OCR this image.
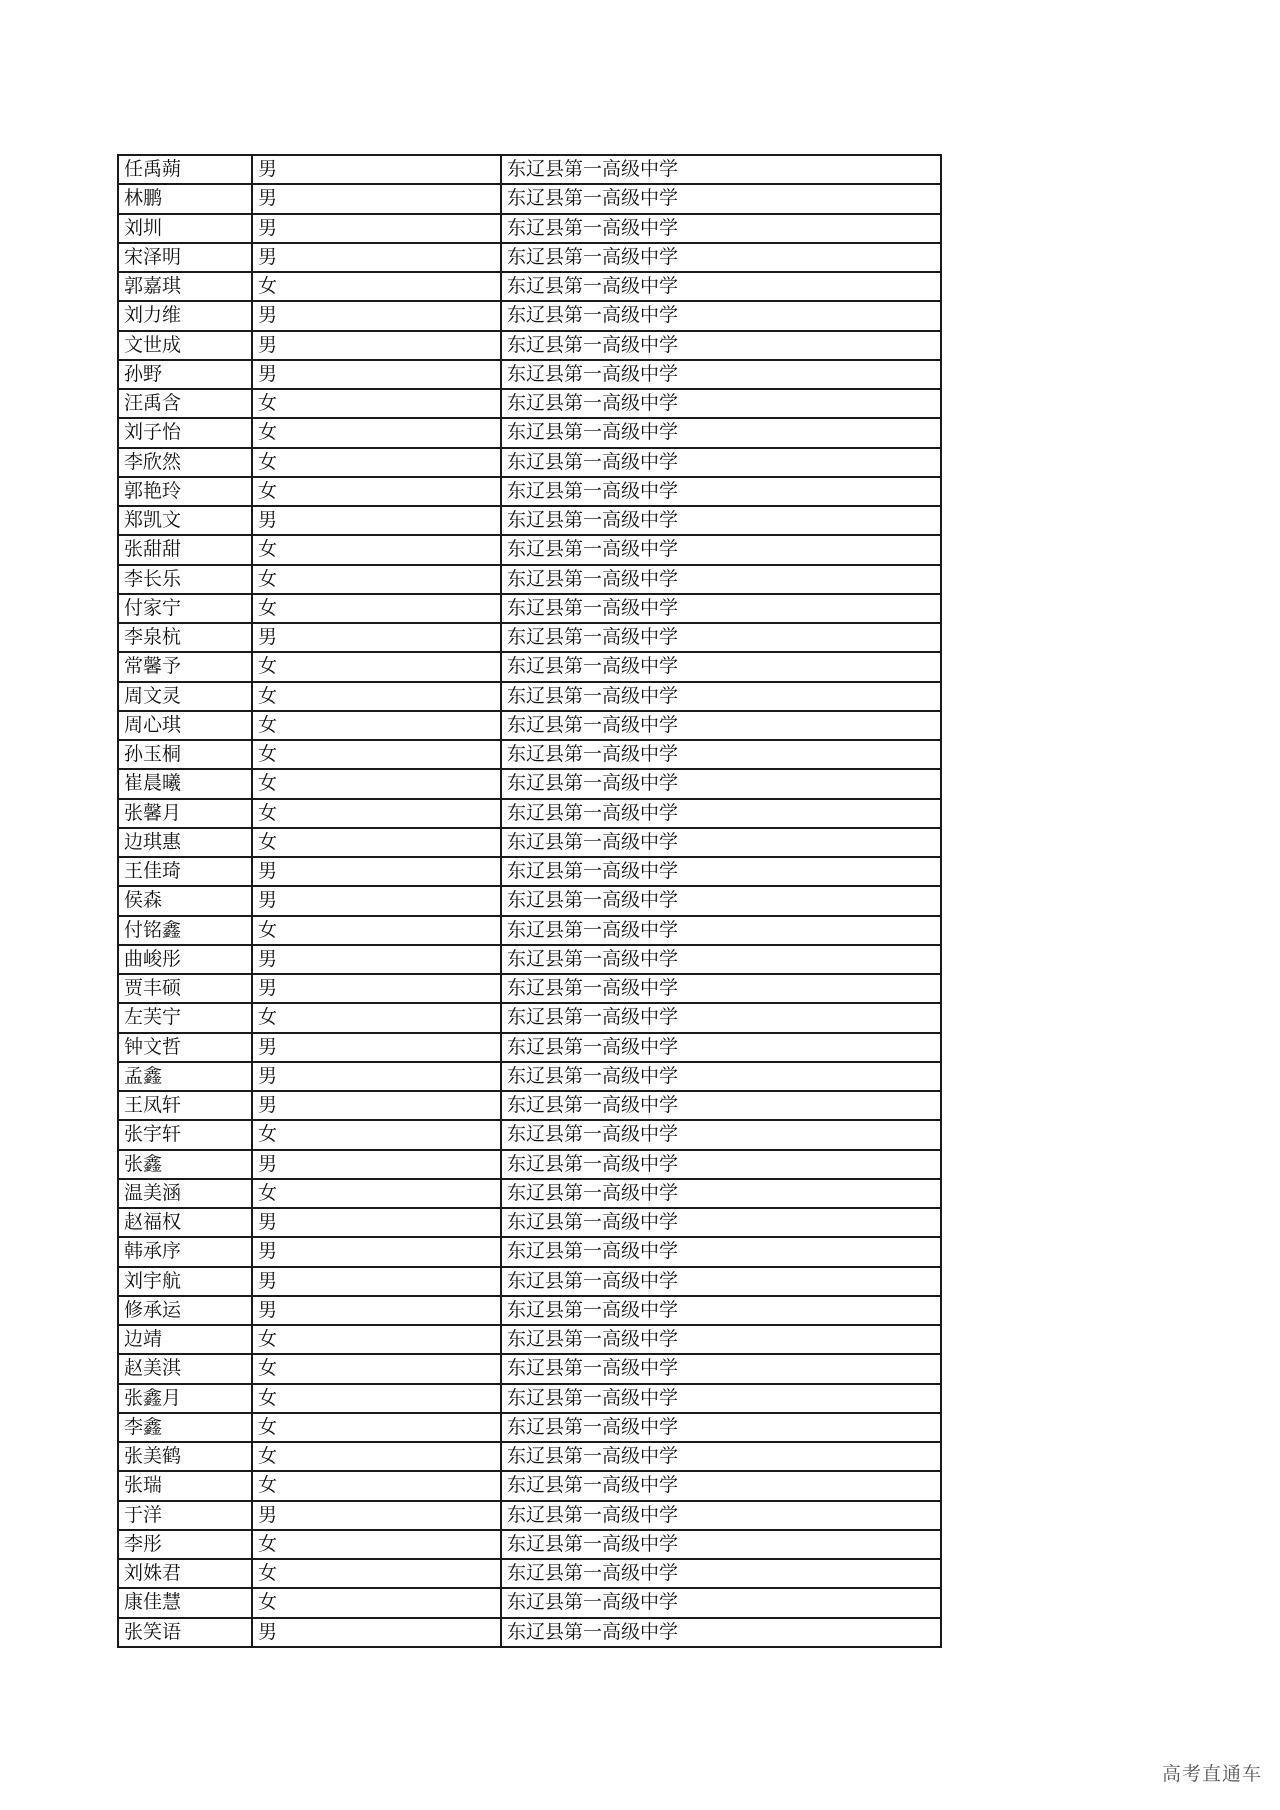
任禹蒴	男	东辽县第一高级中学
林鹏	男	东辽县第一高级中学
刘圳	男	东辽县第一高级中学
宋泽明	男	东辽县第一高级中学
郭嘉琪	女	东辽县第一高级中学
刘力维	男	东辽县第一高级中学
文世成	男	东辽县第一高级中学
孙野	男	东辽县第一高级中学
汪禹含	女	东辽县第一高级中学
刘子怡	女	东辽县第一高级中学
李欣然	女	东辽县第一高级中学
郭艳玲	女	东辽县第一高级中学
郑凯文	男	东辽县第一高级中学
张甜甜	女	东辽县第一高级中学
李长乐	女	东辽县第一高级中学
付家宁	女	东辽县第一高级中学
李泉杭	男	东辽县第一高级中学
常馨予	女	东辽县第一高级中学
周文灵	女	东辽县第一高级中学
周心琪	女	东辽县第一高级中学
孙玉桐	女	东辽县第一高级中学
崔晨曦	女	东辽县第一高级中学
张馨月	女	东辽县第一高级中学
边琪惠	女	东辽县第一高级中学
王佳琦	男	东辽县第一高级中学
侯森	男	东辽县第一高级中学
付铭鑫	女	东辽县第一高级中学
曲峻彤	男	东辽县第一高级中学
贾丰硕	男	东辽县第一高级中学
左芙宁	女	东辽县第一高级中学
钟文哲	男	东辽县第一高级中学
孟鑫	男	东辽县第一高级中学
王凤轩	男	东辽县第一高级中学
张宇轩	女	东辽县第一高级中学
张鑫	男	东辽县第一高级中学
温美涵	女	东辽县第一高级中学
赵福权	男	东辽县第一高级中学
韩承序	男	东辽县第一高级中学
刘宇航	男	东辽县第一高级中学
修承运	男	东辽县第一高级中学
边靖	女	东辽县第一高级中学
赵美淇	女	东辽县第一高级中学
张鑫月	女	东辽县第一高级中学
李鑫	女	东辽县第一高级中学
张美鹤	女	东辽县第一高级中学
张瑞	女	东辽县第一高级中学
于洋	男	东辽县第一高级中学
李彤	女	东辽县第一高级中学
刘姝君	女	东辽县第一高级中学
康佳慧	女	东辽县第一高级中学
张笑语	男	东辽县第一高级中学
高考直通车
